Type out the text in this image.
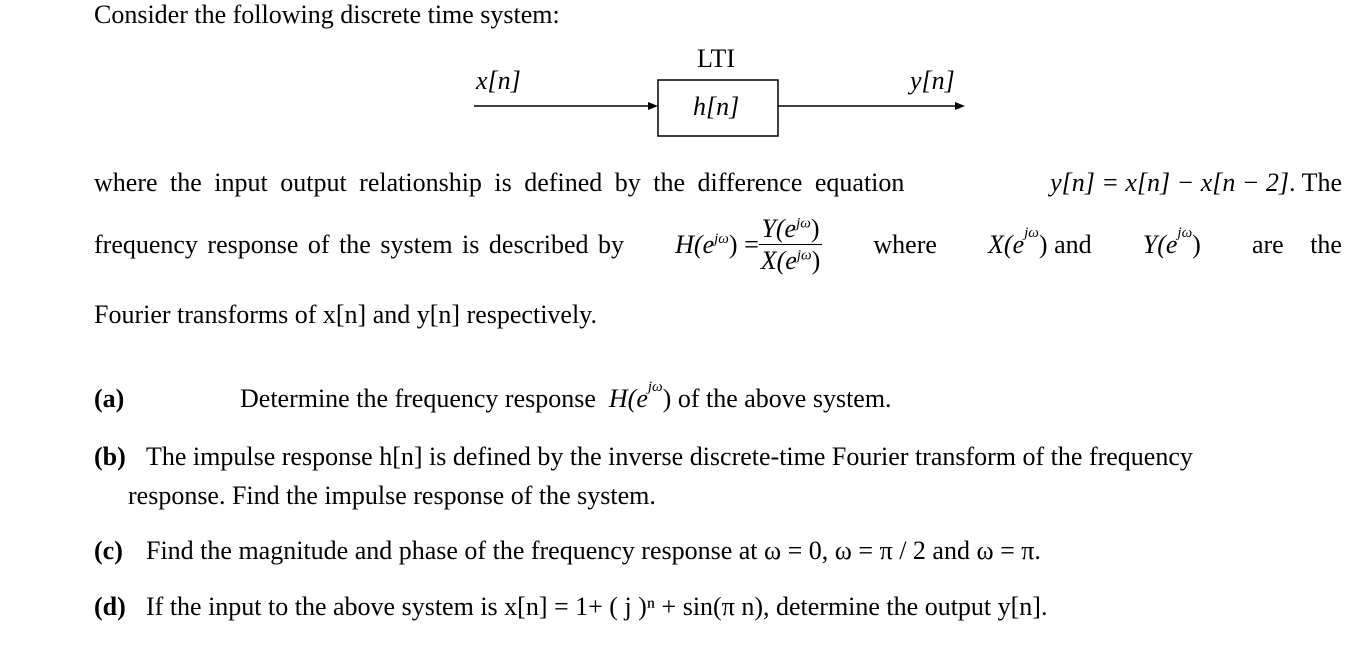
Consider the following discrete time system:
x[n]
LTI
h[n]
y[n]
where the input output relationship is defined by the difference equation	y[n] = x[n] − x[n − 2]. The
frequency response of the system is described by $H(e^{j\omega}$ ) = $\frac{Y(e^{j\omega})}{X(e^{j\omega})}$ where $X(e^{j\omega})$ and $Y(e^{j\omega})$ are the
Fourier transforms of x[n] and y[n] respectively.
(a)	Determine the frequency response $H(e^{j\omega})$ of the above system.
(b) The impulse response h[n] is defined by the inverse discrete-time Fourier transform of the frequency
response. Find the impulse response of the system.
(c) Find the magnitude and phase of the frequency response at ω = 0, ω = π / 2 and ω = π.
(d) If the input to the above system is x[n] = 1+ ( j )ⁿ + sin(π n), determine the output y[n].
